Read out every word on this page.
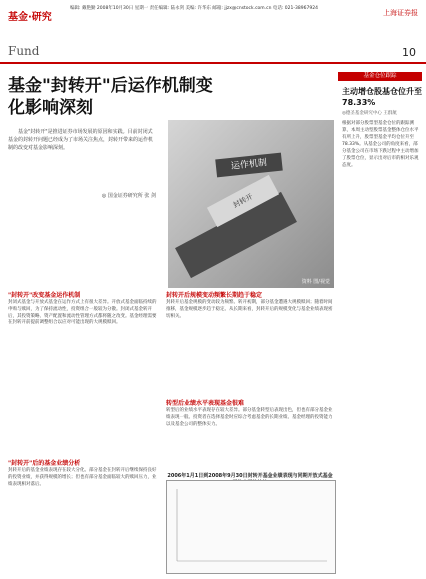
基金·研究
编辑: 戴艳勤 2008年10月30日 星期一 责任编辑: 陆永剑 美编: 许华东 邮箱: jjzx@cnstock.com.cn 电话: 021-38967924
上海证券报
Fund	10
基金"封转开"后运作机制变化影响深刻
运作机制
封转开
资料 图/视觉
基金"封转开"是推进证券市场发展的原因和实践。目前封闭式基金的封转开问题已经成为了市场关注焦点，封转开带来的运作机制的改变对基金影响深刻。
◎ 国金证券研究所 张 剑
基金仓位跟踪
主动增仓股基仓位升至78.33%
◎德圣基金研究中心 王群航
根据对部分股票型基金仓位的跟踪测算，本周主动型股票基金整体仓位水平有所上升，股票型基金平均仓位升至78.33%。从基金公司的角度来看，部分基金公司在市场下跌过程中主动增加了股票仓位，显示出对后市的相对乐观态度。
"封转开"改变基金运作机制
封闭式基金与开放式基金在运作方式上有很大差异。开放式基金面临持续的申购与赎回，为了保持流动性，投资组合一般较为分散。封闭式基金转开后，其投资策略、资产配置和流动性管理方式都将随之改变。基金经理需要在封转开前提前调整组合以应对可能出现的大规模赎回。
"封转开"后的基金业绩分析
封转开后的基金业绩表现存在较大分化。部分基金在封转开后继续保持良好的投资业绩，并获得规模的增长；但也有部分基金面临较大的赎回压力，业绩表现相对落后。
封转开后规模变动频繁长期趋于稳定
封转开后基金规模的变动较为频繁。转开初期，部分基金遭遇大规模赎回；随着时间推移，基金规模逐步趋于稳定。从长期来看，封转开后的规模变化与基金业绩表现密切相关。
转型后业绩水平表现基金很难
转型后的业绩水平表现存在较大差异。部分基金转型后表现出色，但也有部分基金业绩表现一般。投资者在选择基金时应综合考虑基金的长期业绩、基金经理的投资能力以及基金公司的整体实力。
2006年1月1日到2008年9月30日封转开基金业绩表现与同期开放式基金
